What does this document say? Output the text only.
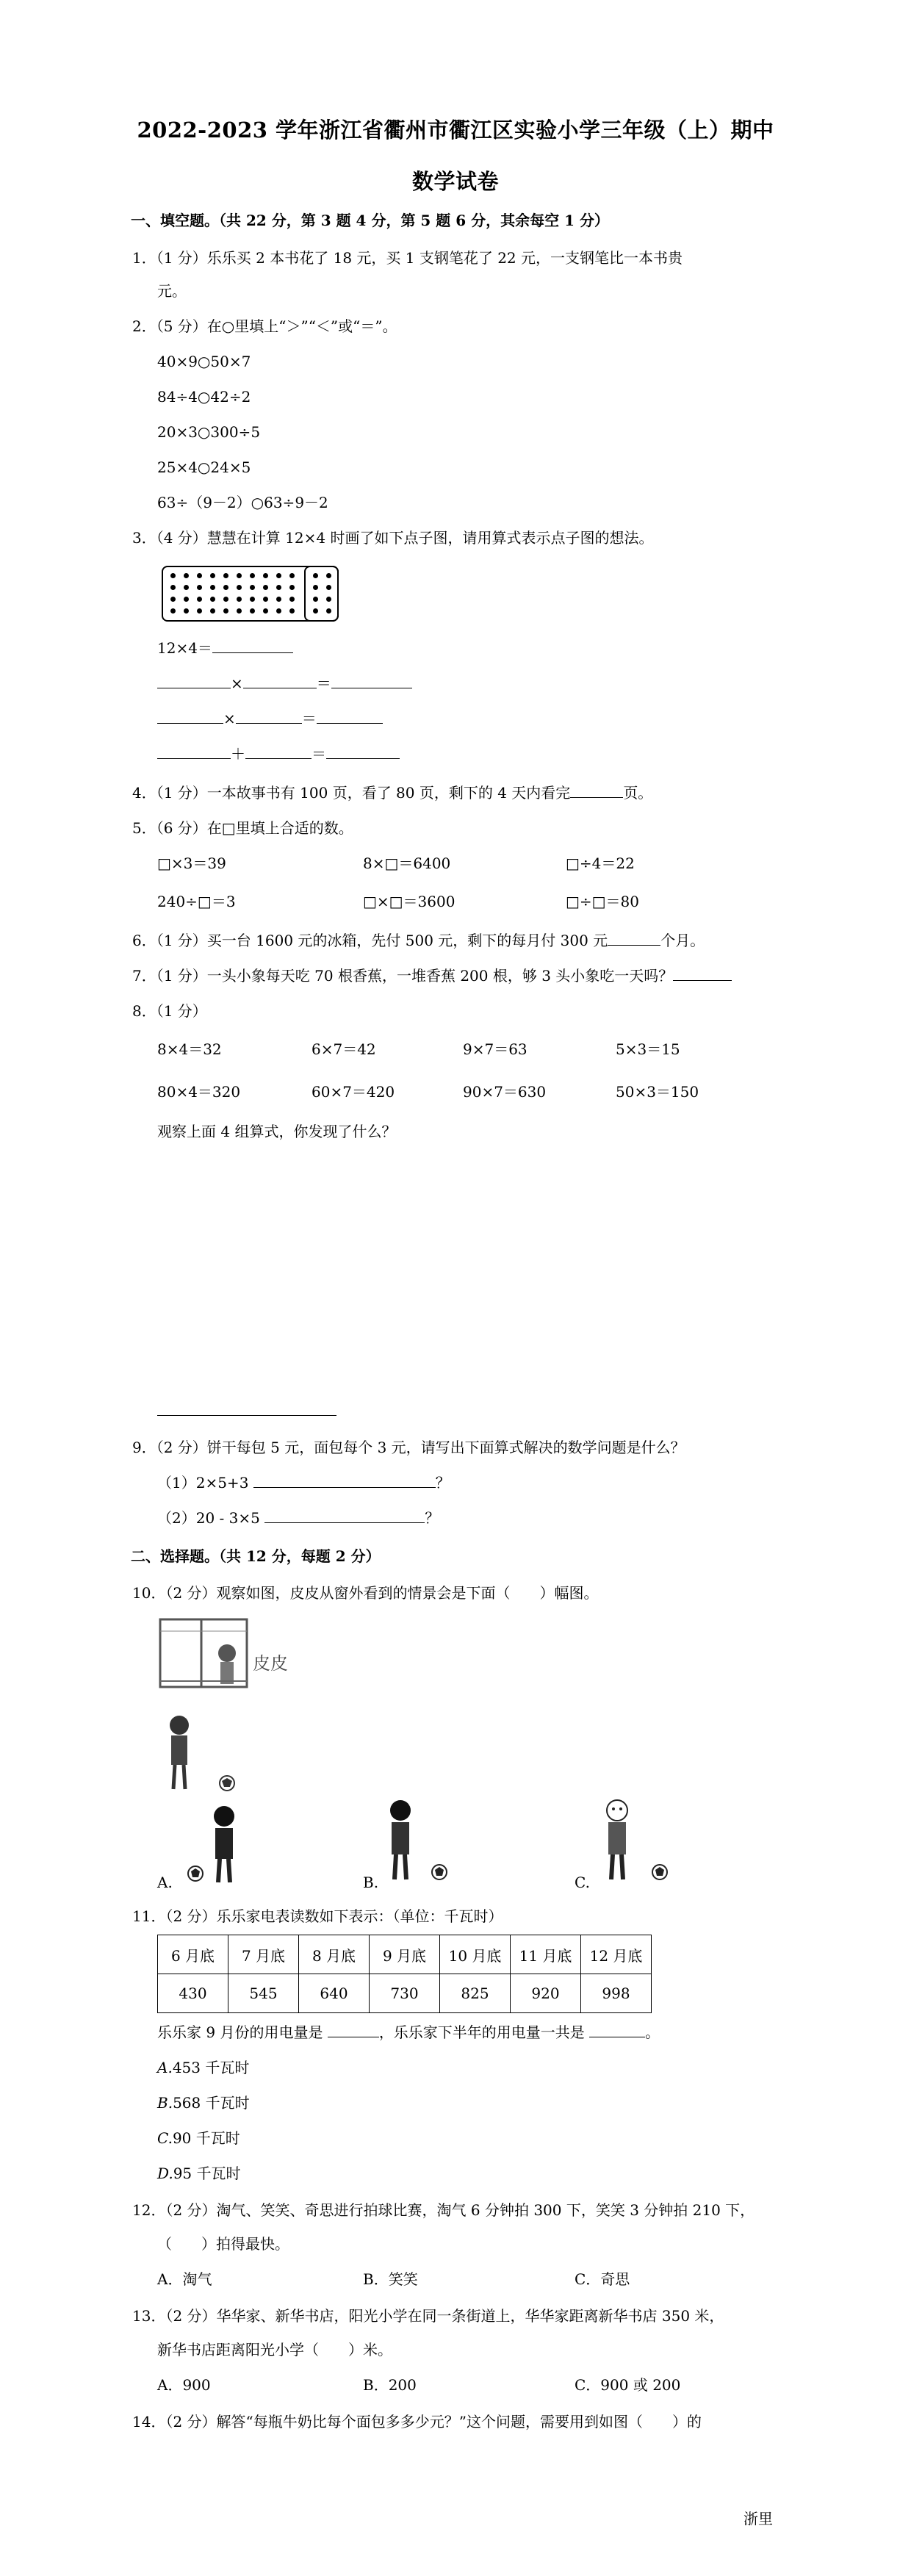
2022-2023 学年浙江省衢州市衢江区实验小学三年级（上）期中
数学试卷
一、填空题。（共 22 分，第 3 题 4 分，第 5 题 6 分，其余每空 1 分）
1．（1 分）乐乐买 2 本书花了 18 元，买 1 支钢笔花了 22 元，一支钢笔比一本书贵
元。
2．（5 分）在○里填上“＞”“＜”或“＝”。
40×9○50×7
84÷4○42÷2
20×3○300÷5
25×4○24×5
63÷（9－2）○63÷9－2
3．（4 分）慧慧在计算 12×4 时画了如下点子图，请用算式表示点子图的想法。
12×4＝
×	＝
×	＝
＋	＝
4．（1 分）一本故事书有 100 页，看了 80 页，剩下的 4 天内看完	页。
5．（6 分）在□里填上合适的数。
□×3＝39	8×□＝6400	□÷4＝22
240÷□＝3	□×□＝3600	□÷□＝80
6．（1 分）买一台 1600 元的冰箱，先付 500 元，剩下的每月付 300 元	个月。
7．（1 分）一头小象每天吃 70 根香蕉，一堆香蕉 200 根，够 3 头小象吃一天吗？
8．（1 分）
8×4＝32	6×7＝42	9×7＝63	5×3＝15
80×4＝320	60×7＝420	90×7＝630	50×3＝150
观察上面 4 组算式，你发现了什么？
9．（2 分）饼干每包 5 元，面包每个 3 元，请写出下面算式解决的数学问题是什么？
（1）2×5+3	？
（2）20 - 3×5	？
二、选择题。（共 12 分，每题 2 分）
10．（2 分）观察如图，皮皮从窗外看到的情景会是下面（　　）幅图。
皮皮
A.	B.	C.
11．（2 分）乐乐家电表读数如下表示：（单位：千瓦时）
6 月底	7 月底	8 月底	9 月底	10 月底	11 月底	12 月底
430	545	640	730	825	920	998
乐乐家 9 月份的用电量是	，乐乐家下半年的用电量一共是	。
A.453 千瓦时
B.568 千瓦时
C.90 千瓦时
D.95 千瓦时
12．（2 分）淘气、笑笑、奇思进行拍球比赛，淘气 6 分钟拍 300 下，笑笑 3 分钟拍 210 下，
（　　）拍得最快。
A．淘气	B．笑笑	C．奇思
13．（2 分）华华家、新华书店，阳光小学在同一条街道上，华华家距离新华书店 350 米，
新华书店距离阳光小学（　　）米。
A．900	B．200	C．900 或 200
14．（2 分）解答“每瓶牛奶比每个面包多多少元？”这个问题，需要用到如图（　　）的
浙里
